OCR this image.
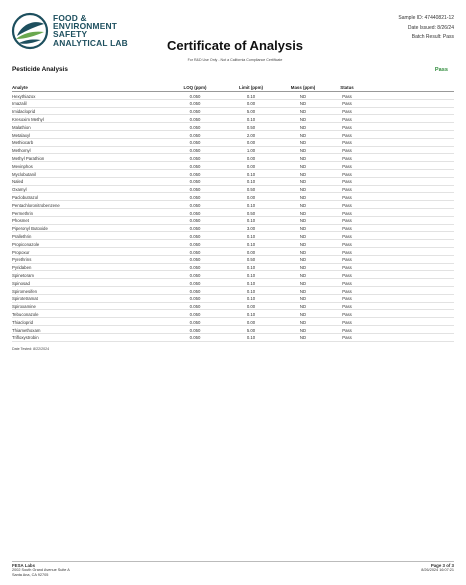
FOOD &
ENVIRONMENT
SAFETY
ANALYTICAL LAB	Certificate of Analysis
For R&D Use Only - Not a California Compliance Certificate
Sample ID: 47440821-12
Date Issued: 8/26/24
Batch Result: Pass
Pesticide Analysis	Pass
Analyte	LOQ (ppm)	Limit (ppm)	Mass (ppm)	Status
Hexythiazox	0.050	0.10	ND	Pass
Imazalil	0.050	0.00	ND	Pass
Imidacloprid	0.050	5.00	ND	Pass
Kresoxim Methyl	0.050	0.10	ND	Pass
Malathion	0.050	0.50	ND	Pass
Metalaxyl	0.050	2.00	ND	Pass
Methiocarb	0.050	0.00	ND	Pass
Methomyl	0.050	1.00	ND	Pass
Methyl Parathion	0.050	0.00	ND	Pass
Mevinphos	0.050	0.00	ND	Pass
Myclobutanil	0.050	0.10	ND	Pass
Naled	0.050	0.10	ND	Pass
Oxamyl	0.050	0.50	ND	Pass
Paclobutrazol	0.050	0.00	ND	Pass
Pentachloronitrobenzene	0.050	0.10	ND	Pass
Permethrin	0.050	0.50	ND	Pass
Phosmet	0.050	0.10	ND	Pass
Piperonyl Butoxide	0.050	3.00	ND	Pass
Prallethrin	0.050	0.10	ND	Pass
Propiconazole	0.050	0.10	ND	Pass
Propoxur	0.050	0.00	ND	Pass
Pyrethrins	0.050	0.50	ND	Pass
Pyridaben	0.050	0.10	ND	Pass
Spinetoram	0.050	0.10	ND	Pass
Spinosad	0.050	0.10	ND	Pass
Spiromesifen	0.050	0.10	ND	Pass
Spirotetramat	0.050	0.10	ND	Pass
Spiroxamine	0.050	0.00	ND	Pass
Tebuconazole	0.050	0.10	ND	Pass
Thiacloprid	0.050	0.00	ND	Pass
Thiamethoxam	0.050	5.00	ND	Pass
Trifloxystrobin	0.050	0.10	ND	Pass
Date Tested: 8/22/2024
FESA Labs
2002 South Grand Avenue Suite A
Santa Ana, CA 92705
Page 3 of 3
8/26/2024 16:07:21
